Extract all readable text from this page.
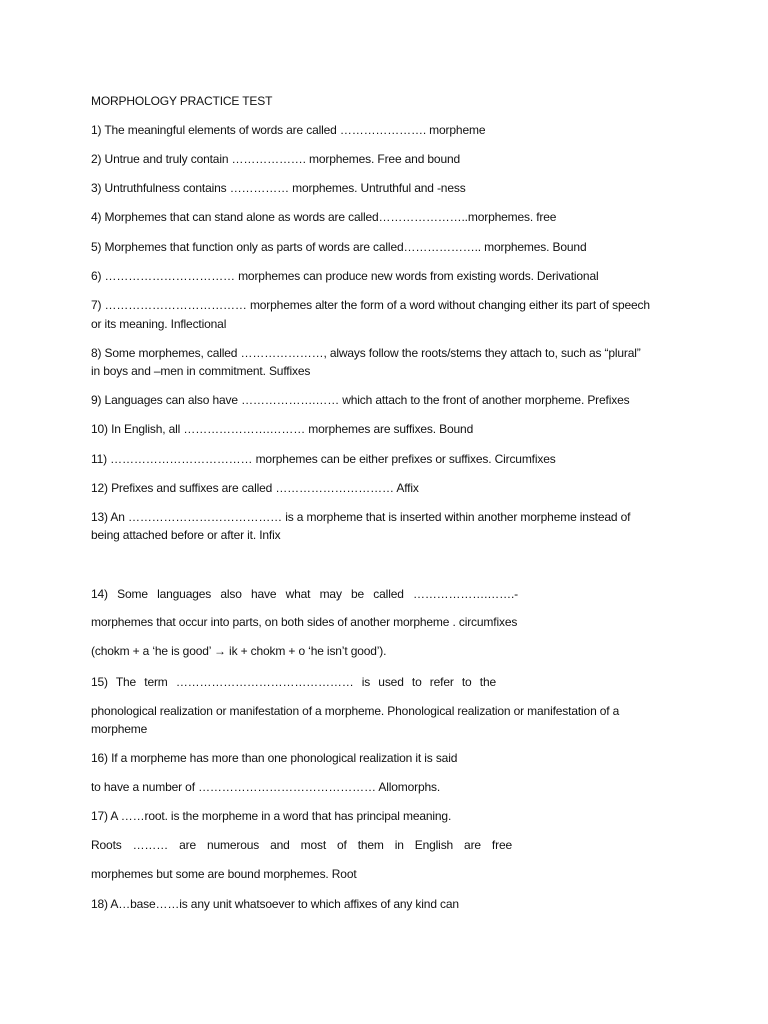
MORPHOLOGY PRACTICE TEST
1) The meaningful elements of words are called …………………. morpheme
2) Untrue and truly contain ………………. morphemes. Free and bound
3) Untruthfulness contains …………… morphemes. Untruthful and -ness
4) Morphemes that can stand alone as words are called…………………..morphemes. free
5) Morphemes that function only as parts of words are called……………….. morphemes. Bound
6) …………………………… morphemes can produce new words from existing words. Derivational
7) ……………………………… morphemes alter the form of a word without changing either its part of speech
or its meaning. Inflectional
8) Some morphemes, called …………………, always follow the roots/stems they attach to, such as “plural”
in boys and –men in commitment. Suffixes
9) Languages can also have ……………….…… which attach to the front of another morpheme. Prefixes
10) In English, all ………………….……… morphemes are suffixes. Bound
11) ……………………………… morphemes can be either prefixes or suffixes. Circumfixes
12) Prefixes and suffixes are called ………………………… Affix
13) An ………………………………… is a morpheme that is inserted within another morpheme instead of
being attached before or after it. Infix
14) Some languages also have what may be called ……………….…….-
morphemes that occur into parts, on both sides of another morpheme . circumfixes
(chokm + a ‘he is good’ → ik + chokm + o ‘he isn’t good’).
15) The term ……………………………………… is used to refer to the
phonological realization or manifestation of a morpheme. Phonological realization or manifestation of a
morpheme
16) If a morpheme has more than one phonological realization it is said
to have a number of ……………………………………… Allomorphs.
17) A ……root. is the morpheme in a word that has principal meaning.
Roots ……… are numerous and most of them in English are free
morphemes but some are bound morphemes. Root
18) A…base……is any unit whatsoever to which affixes of any kind can
